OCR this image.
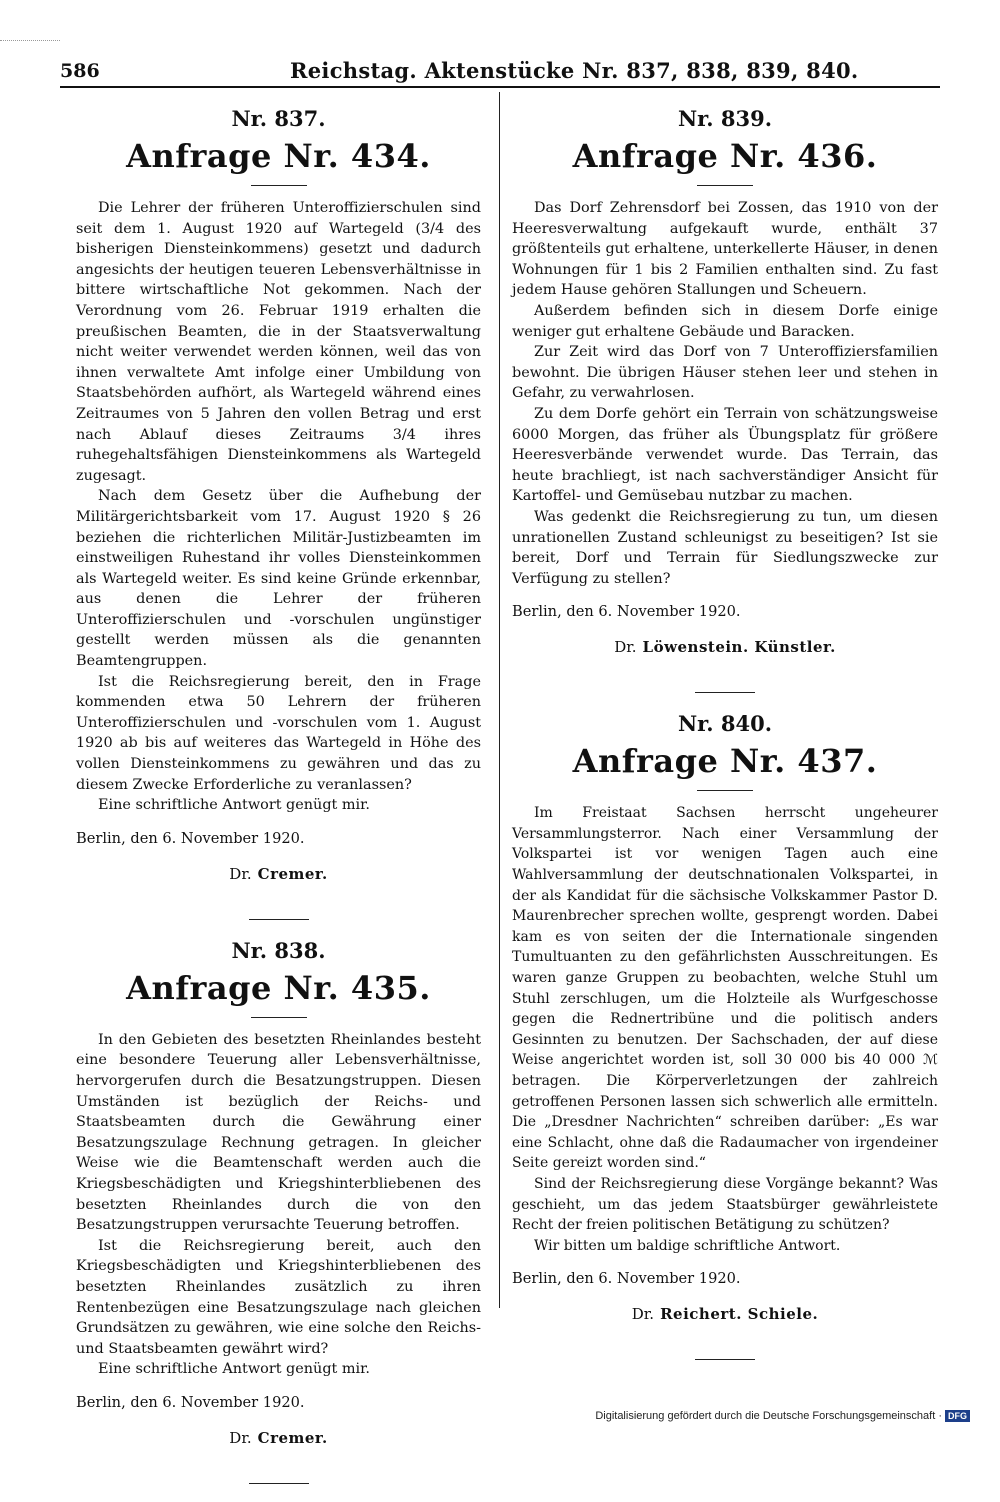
586	Reichstag. Aktenstücke Nr. 837, 838, 839, 840.
Nr. 837.
Anfrage Nr. 434.

Die Lehrer der früheren Unteroffizierschulen sind seit dem 1. August 1920 auf Wartegeld (3/4 des bisherigen Diensteinkommens) gesetzt und dadurch angesichts der heutigen teueren Lebensverhältnisse in bittere wirtschaftliche Not gekommen. Nach der Verordnung vom 26. Februar 1919 erhalten die preußischen Beamten, die in der Staatsverwaltung nicht weiter verwendet werden können, weil das von ihnen verwaltete Amt infolge einer Umbildung von Staatsbehörden aufhört, als Wartegeld während eines Zeitraumes von 5 Jahren den vollen Betrag und erst nach Ablauf dieses Zeitraums 3/4 ihres ruhegehaltsfähigen Diensteinkommens als Wartegeld zugesagt.

Nach dem Gesetz über die Aufhebung der Militärgerichtsbarkeit vom 17. August 1920 § 26 beziehen die richterlichen Militär-Justizbeamten im einstweiligen Ruhestand ihr volles Diensteinkommen als Wartegeld weiter. Es sind keine Gründe erkennbar, aus denen die Lehrer der früheren Unteroffizierschulen und -vorschulen ungünstiger gestellt werden müssen als die genannten Beamtengruppen.

Ist die Reichsregierung bereit, den in Frage kommenden etwa 50 Lehrern der früheren Unteroffizierschulen und -vorschulen vom 1. August 1920 ab bis auf weiteres das Wartegeld in Höhe des vollen Diensteinkommens zu gewähren und das zu diesem Zwecke Erforderliche zu veranlassen?

Eine schriftliche Antwort genügt mir.

Berlin, den 6. November 1920.

Dr. Cremer.

Nr. 838.
Anfrage Nr. 435.

In den Gebieten des besetzten Rheinlandes besteht eine besondere Teuerung aller Lebensverhältnisse, hervorgerufen durch die Besatzungstruppen. Diesen Umständen ist bezüglich der Reichs- und Staatsbeamten durch die Gewährung einer Besatzungszulage Rechnung getragen. In gleicher Weise wie die Beamtenschaft werden auch die Kriegsbeschädigten und Kriegshinterbliebenen des besetzten Rheinlandes durch die von den Besatzungstruppen verursachte Teuerung betroffen.

Ist die Reichsregierung bereit, auch den Kriegsbeschädigten und Kriegshinterbliebenen des besetzten Rheinlandes zusätzlich zu ihren Rentenbezügen eine Besatzungszulage nach gleichen Grundsätzen zu gewähren, wie eine solche den Reichs- und Staatsbeamten gewährt wird?

Eine schriftliche Antwort genügt mir.

Berlin, den 6. November 1920.

Dr. Cremer.

Nr. 839.
Anfrage Nr. 436.

Das Dorf Zehrensdorf bei Zossen, das 1910 von der Heeresverwaltung aufgekauft wurde, enthält 37 größtenteils gut erhaltene, unterkellerte Häuser, in denen Wohnungen für 1 bis 2 Familien enthalten sind. Zu fast jedem Hause gehören Stallungen und Scheuern.

Außerdem befinden sich in diesem Dorfe einige weniger gut erhaltene Gebäude und Baracken.

Zur Zeit wird das Dorf von 7 Unteroffiziersfamilien bewohnt. Die übrigen Häuser stehen leer und stehen in Gefahr, zu verwahrlosen.

Zu dem Dorfe gehört ein Terrain von schätzungsweise 6000 Morgen, das früher als Übungsplatz für größere Heeresverbände verwendet wurde. Das Terrain, das heute brachliegt, ist nach sachverständiger Ansicht für Kartoffel- und Gemüsebau nutzbar zu machen.

Was gedenkt die Reichsregierung zu tun, um diesen unrationellen Zustand schleunigst zu beseitigen? Ist sie bereit, Dorf und Terrain für Siedlungszwecke zur Verfügung zu stellen?

Berlin, den 6. November 1920.

Dr. Löwenstein. Künstler.

Nr. 840.
Anfrage Nr. 437.

Im Freistaat Sachsen herrscht ungeheurer Versammlungsterror. Nach einer Versammlung der Volkspartei ist vor wenigen Tagen auch eine Wahlversammlung der deutschnationalen Volkspartei, in der als Kandidat für die sächsische Volkskammer Pastor D. Maurenbrecher sprechen wollte, gesprengt worden. Dabei kam es von seiten der die Internationale singenden Tumultuanten zu den gefährlichsten Ausschreitungen. Es waren ganze Gruppen zu beobachten, welche Stuhl um Stuhl zerschlugen, um die Holzteile als Wurfgeschosse gegen die Rednertribüne und die politisch anders Gesinnten zu benutzen. Der Sachschaden, der auf diese Weise angerichtet worden ist, soll 30 000 bis 40 000 ℳ betragen. Die Körperverletzungen der zahlreich getroffenen Personen lassen sich schwerlich alle ermitteln. Die „Dresdner Nachrichten“ schreiben darüber: „Es war eine Schlacht, ohne daß die Radaumacher von irgendeiner Seite gereizt worden sind.“

Sind der Reichsregierung diese Vorgänge bekannt? Was geschieht, um das jedem Staatsbürger gewährleistete Recht der freien politischen Betätigung zu schützen?

Wir bitten um baldige schriftliche Antwort.

Berlin, den 6. November 1920.

Dr. Reichert. Schiele.

Digitalisierung gefördert durch die Deutsche Forschungsgemeinschaft · DFG
